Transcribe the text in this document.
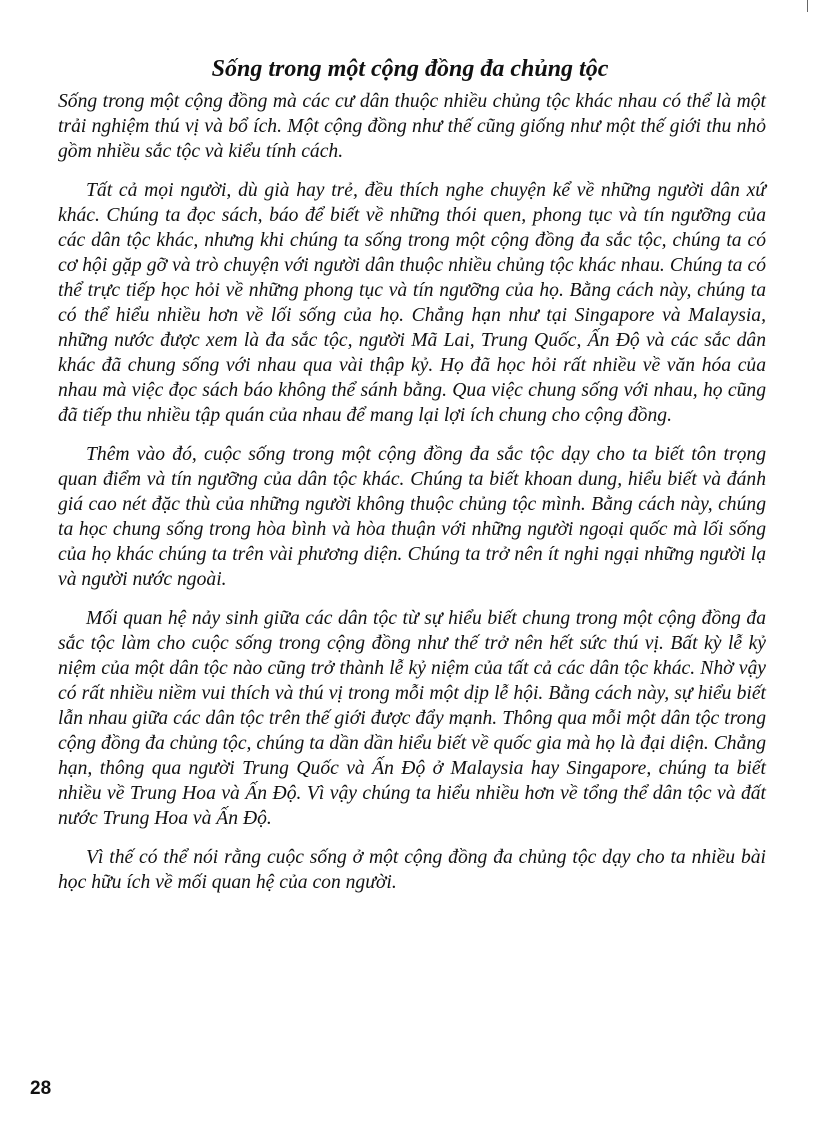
Sống trong một cộng đồng đa chủng tộc

Sống trong một cộng đồng mà các cư dân thuộc nhiều chủng tộc khác nhau có thể là một trải nghiệm thú vị và bổ ích. Một cộng đồng như thế cũng giống như một thế giới thu nhỏ gồm nhiều sắc tộc và kiểu tính cách.

Tất cả mọi người, dù già hay trẻ, đều thích nghe chuyện kể về những người dân xứ khác. Chúng ta đọc sách, báo để biết về những thói quen, phong tục và tín ngưỡng của các dân tộc khác, nhưng khi chúng ta sống trong một cộng đồng đa sắc tộc, chúng ta có cơ hội gặp gỡ và trò chuyện với người dân thuộc nhiều chủng tộc khác nhau. Chúng ta có thể trực tiếp học hỏi về những phong tục và tín ngưỡng của họ. Bằng cách này, chúng ta có thể hiểu nhiều hơn về lối sống của họ. Chẳng hạn như tại Singapore và Malaysia, những nước được xem là đa sắc tộc, người Mã Lai, Trung Quốc, Ấn Độ và các sắc dân khác đã chung sống với nhau qua vài thập kỷ. Họ đã học hỏi rất nhiều về văn hóa của nhau mà việc đọc sách báo không thể sánh bằng. Qua việc chung sống với nhau, họ cũng đã tiếp thu nhiều tập quán của nhau để mang lại lợi ích chung cho cộng đồng.

Thêm vào đó, cuộc sống trong một cộng đồng đa sắc tộc dạy cho ta biết tôn trọng quan điểm và tín ngưỡng của dân tộc khác. Chúng ta biết khoan dung, hiểu biết và đánh giá cao nét đặc thù của những người không thuộc chủng tộc mình. Bằng cách này, chúng ta học chung sống trong hòa bình và hòa thuận với những người ngoại quốc mà lối sống của họ khác chúng ta trên vài phương diện. Chúng ta trở nên ít nghi ngại những người lạ và người nước ngoài.

Mối quan hệ nảy sinh giữa các dân tộc từ sự hiểu biết chung trong một cộng đồng đa sắc tộc làm cho cuộc sống trong cộng đồng như thế trở nên hết sức thú vị. Bất kỳ lễ kỷ niệm của một dân tộc nào cũng trở thành lễ kỷ niệm của tất cả các dân tộc khác. Nhờ vậy có rất nhiều niềm vui thích và thú vị trong mỗi một dịp lễ hội. Bằng cách này, sự hiểu biết lẫn nhau giữa các dân tộc trên thế giới được đẩy mạnh. Thông qua mỗi một dân tộc trong cộng đồng đa chủng tộc, chúng ta dần dần hiểu biết về quốc gia mà họ là đại diện. Chẳng hạn, thông qua người Trung Quốc và Ấn Độ ở Malaysia hay Singapore, chúng ta biết nhiều về Trung Hoa và Ấn Độ. Vì vậy chúng ta hiểu nhiều hơn về tổng thể dân tộc và đất nước Trung Hoa và Ấn Độ.

Vì thế có thể nói rằng cuộc sống ở một cộng đồng đa chủng tộc dạy cho ta nhiều bài học hữu ích về mối quan hệ của con người.

28
